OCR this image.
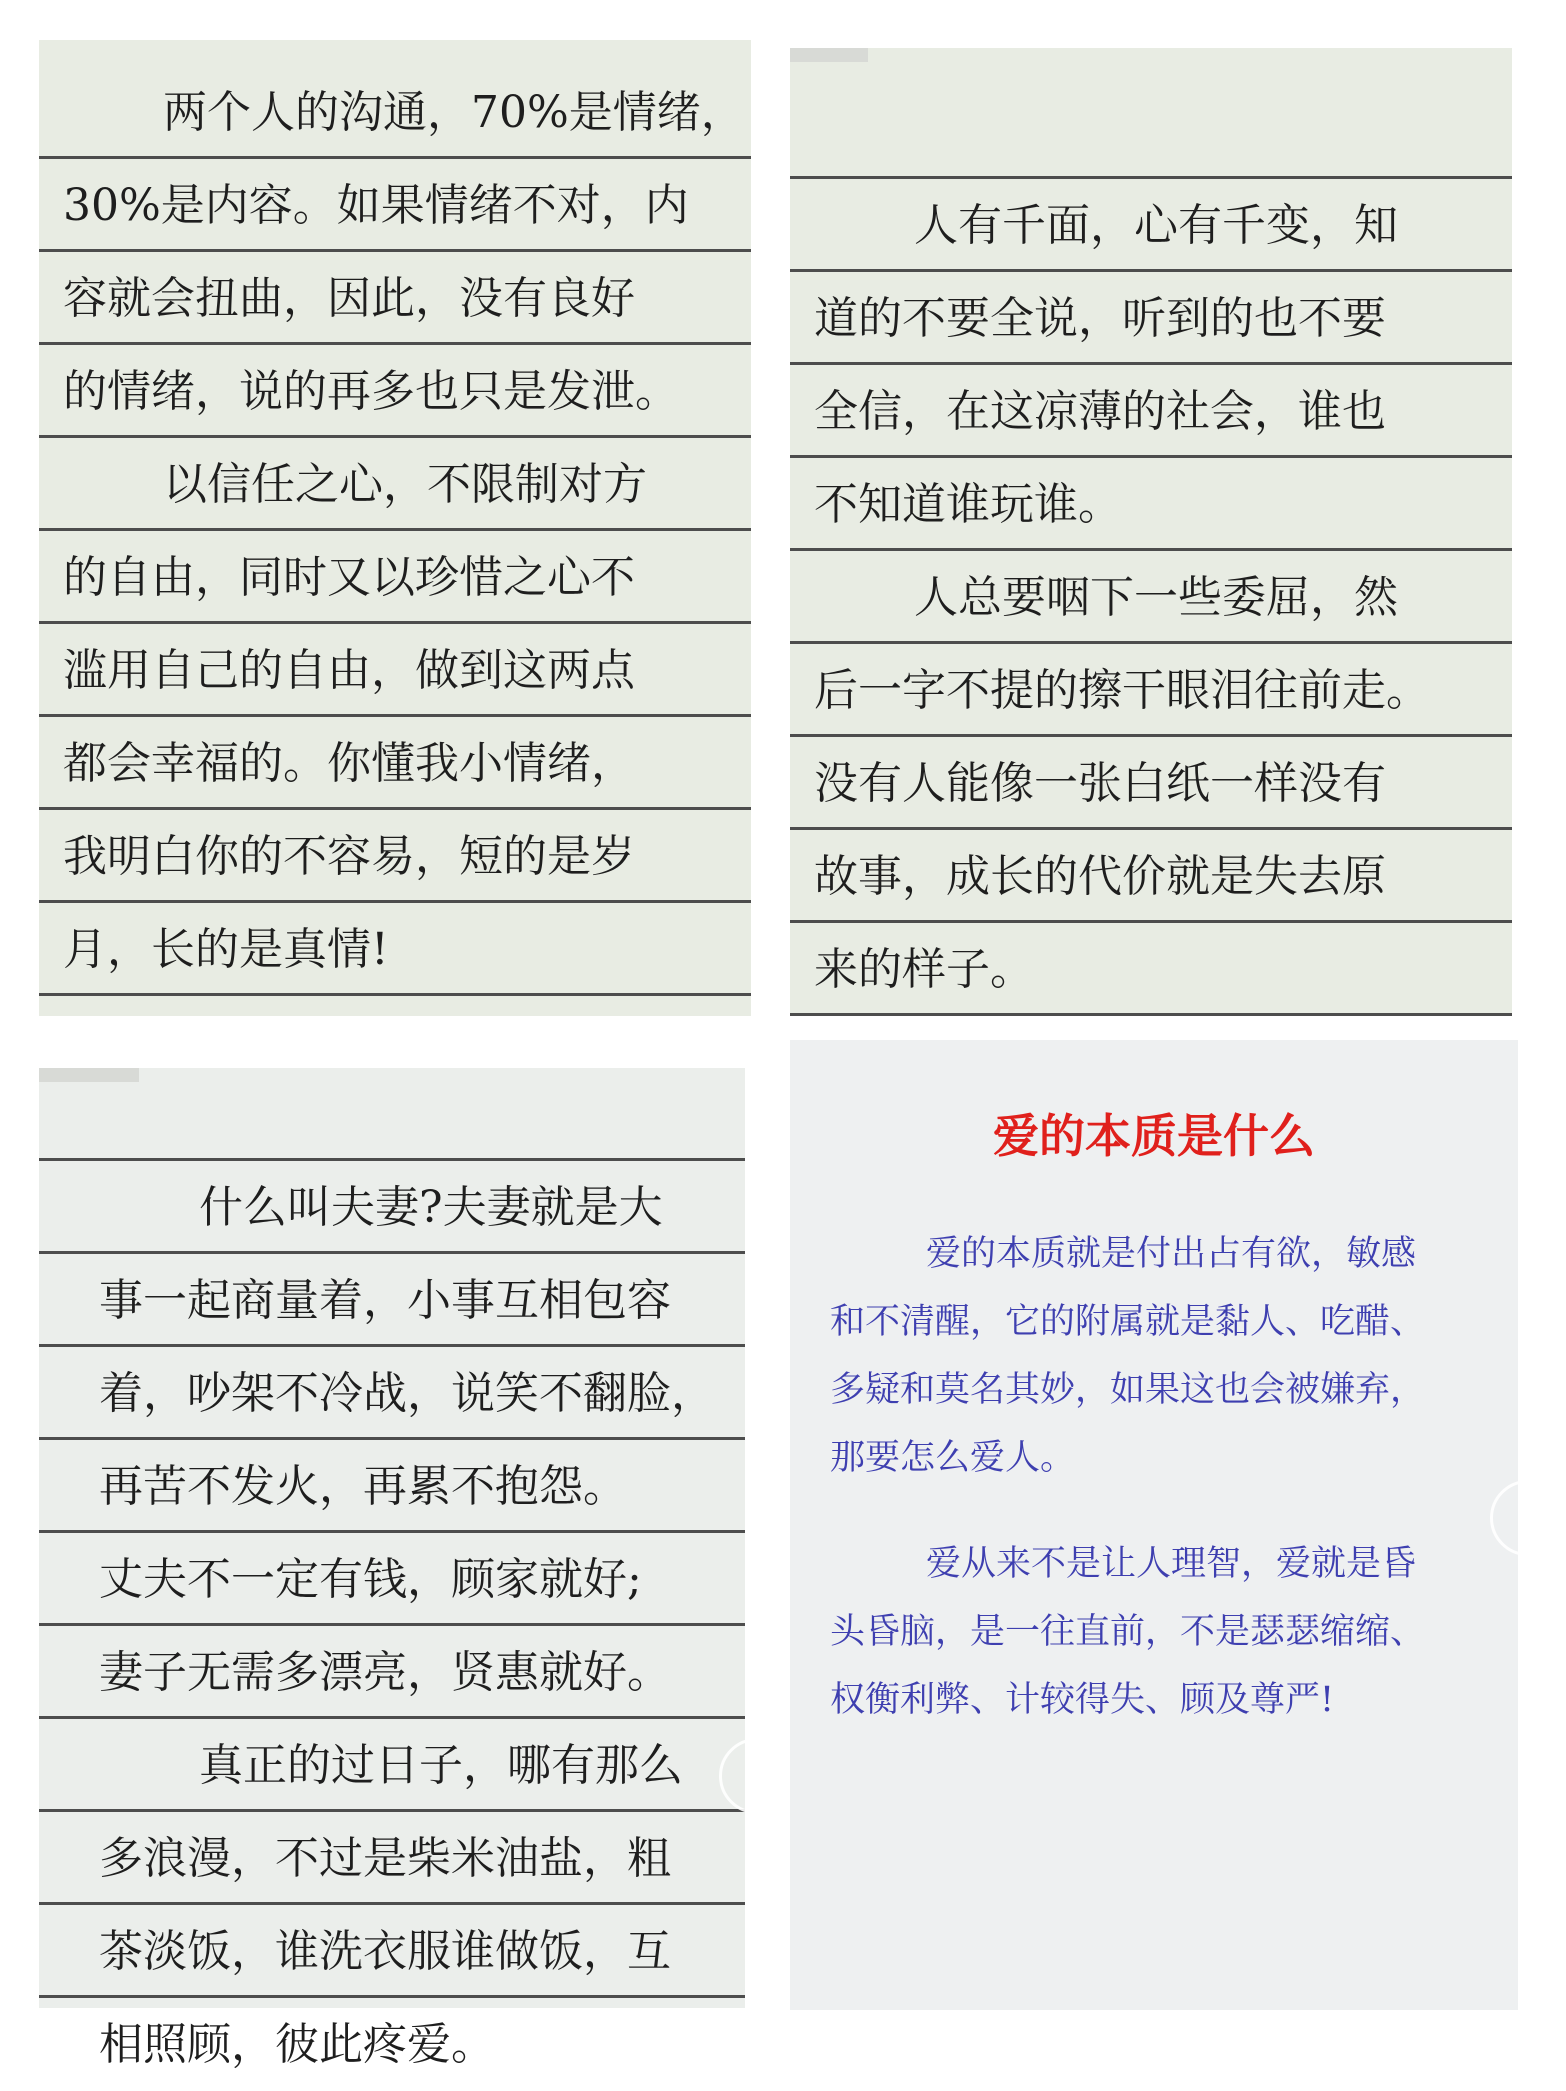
两个人的沟通，70%是情绪，
30%是内容。如果情绪不对，内
容就会扭曲，因此，没有良好
的情绪，说的再多也只是发泄。
以信任之心，不限制对方
的自由，同时又以珍惜之心不
滥用自己的自由，做到这两点
都会幸福的。你懂我小情绪，
我明白你的不容易，短的是岁
月，长的是真情!
人有千面，心有千变，知
道的不要全说，听到的也不要
全信，在这凉薄的社会，谁也
不知道谁玩谁。
人总要咽下一些委屈，然
后一字不提的擦干眼泪往前走。
没有人能像一张白纸一样没有
故事，成长的代价就是失去原
来的样子。
什么叫夫妻?夫妻就是大
事一起商量着，小事互相包容
着，吵架不冷战，说笑不翻脸，
再苦不发火，再累不抱怨。
丈夫不一定有钱，顾家就好;
妻子无需多漂亮，贤惠就好。
真正的过日子，哪有那么
多浪漫，不过是柴米油盐，粗
茶淡饭，谁洗衣服谁做饭，互
相照顾，彼此疼爱。
爱的本质是什么
爱的本质就是付出占有欲，敏感
和不清醒，它的附属就是黏人、吃醋、
多疑和莫名其妙，如果这也会被嫌弃，
那要怎么爱人。
爱从来不是让人理智，爱就是昏
头昏脑，是一往直前，不是瑟瑟缩缩、
权衡利弊、计较得失、顾及尊严!
